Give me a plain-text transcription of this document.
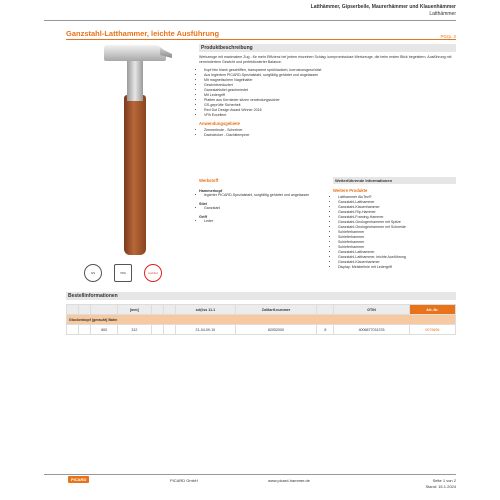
Latthämmer, Gipserbeile, Maurerhämmer und Klauenhämmer
Latthämmer
Ganzstahl-Latthammer, leichte Ausführung	PGrp. 2
Produktbeschreibung
Werkzeuge mit maximalem Zug - für mehr Effizienz bei jedem einzelnen Schlag: kompromisslose Werkzeuge, die beim ersten Blick begeistern. Ausführung mit vermindertem Gewicht und perfektionierter Balance.
• Kopf fein blank geschliffen, transparent sprühlackiert, korrosionsgeschützt
• Aus legiertem PICARD-Spezialstahl, sorgfältig gehärtet und angelassen
• Mit magnetischem Nagelhalter
• Gewichtsreduziert
• Ganzstahlstiel geschmiedet
• Mit Ledergriff
• Platten aus Kernleder sitzen verwindungssicher
• GS-geprüfte Sicherheit
• Red Dot Design Award Winner 2016
• VPA Excellent
Anwendungsgebiete
• Zimmerleute - Schreiner
• Dachdecker - Dachklempner
Werkstoff
Hammerkopf
• legierter PICARD-Spezialstahl, sorgfältig gehärtet und angelassen
Stiel
• Ganzstahl
Griff
• Leder
Weiterführende Informationen
Weitere Produkte
• Latthammer AluTec®
• Ganzstahl-Latthammer
• Ganzstahl-Klauenhammer
• Ganzstahl-Rip-Hammer
• Ganzstahl-Framing-Hammer
• Ganzstahl-Geologenhammer mit Spitze
• Ganzstahl-Geologenhammer mit Schneide
• Schieferhammer
• Schieferhammer
• Schieferhammer
• Schieferhammer
• Ganzstahl-Latthammer
• Ganzstahl-Latthammer, leichte Ausführung
• Ganzstahl-Klauenhammer
• Display: Meisterlinie mit Ledergriff
GS	VPA	red dot
Bestellinformationen
			[mm]			sd@ss 11.1	Zolltarif-nummer		GTIN	Art.-Nr.
Glockenkopf (gerauht) Bahn										
		600	312			21-04-09-10	82052000	8	4006877031376	0079696
PICARD	PICARD GmbH	www.picard-hammer.de	Seite 1 von 2
Stand: 15.1.2024
